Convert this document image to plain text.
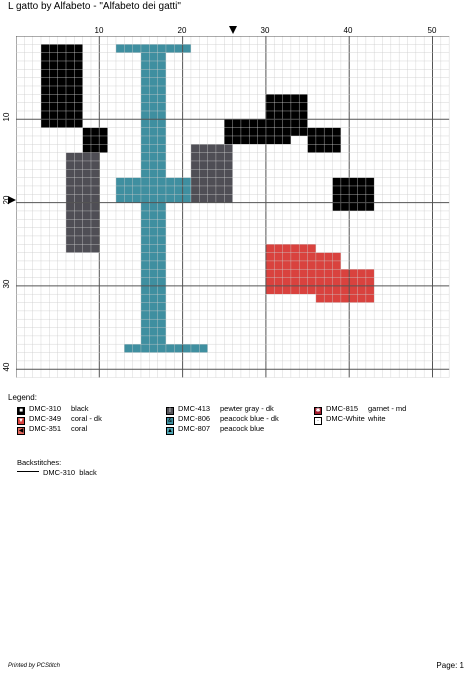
L gatto by Alfabeto - "Alfabeto dei gatti"
10	20	30	40	50
10
20
30
40
Legend:
■ DMC-310 black
▼ DMC-349 coral - dk
◀ DMC-351 coral
I DMC-413 pewter gray - dk
& DMC-806 peacock blue - dk
▲ DMC-807 peacock blue
✱ DMC-815 garnet - md
· DMC-White white
Backstitches:
DMC-310 black
Printed by PCStitch	Page: 1
